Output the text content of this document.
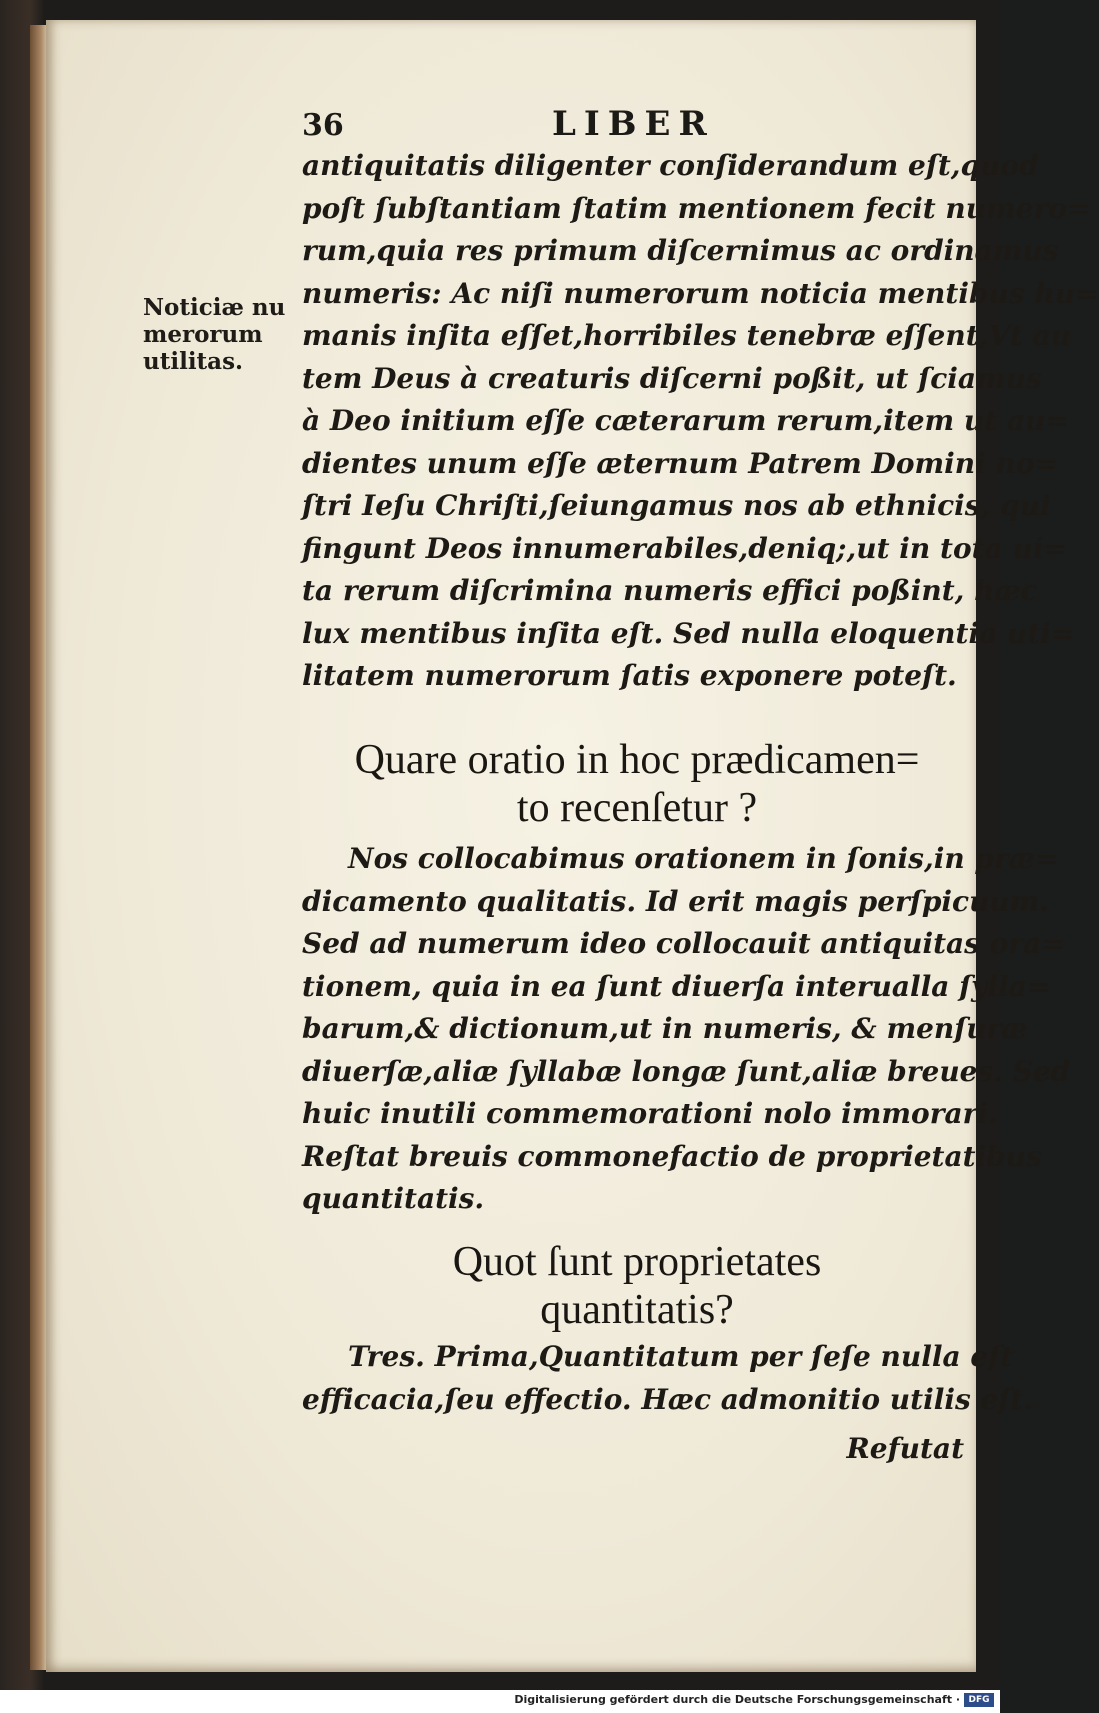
36	LIBER
Noticiæ nu
merorum
utilitas.
antiquitatis diligenter conſiderandum eſt,quod
poſt ſubſtantiam ſtatim mentionem fecit numero=
rum,quia res primum diſcernimus ac ordinamus
numeris: Ac niſi numerorum noticia mentibus hu=
manis inſita eſſet,horribiles tenebræ eſſent,Vt au
tem Deus à creaturis diſcerni poßit, ut ſciamus
à Deo initium eſſe cæterarum rerum,item ut au=
dientes unum eſſe æternum Patrem Domini no=
ſtri Ieſu Chriſti,ſeiungamus nos ab ethnicis, qui
fingunt Deos innumerabiles,deniq;,ut in tota ui=
ta rerum diſcrimina numeris effici poßint, hæc
lux mentibus inſita eſt. Sed nulla eloquentia uti=
litatem numerorum ſatis exponere poteſt.
Quare oratio in hoc prædicamen=
to recenſetur ?
Nos collocabimus orationem in ſonis,in præ=
dicamento qualitatis. Id erit magis perſpicuum.
Sed ad numerum ideo collocauit antiquitas ora=
tionem, quia in ea ſunt diuerſa interualla ſylla=
barum,& dictionum,ut in numeris, & menſuræ
diuerſæ,aliæ ſyllabæ longæ ſunt,aliæ breues. Sed
huic inutili commemorationi nolo immorari.
Reſtat breuis commonefactio de proprietatibus
quantitatis.
Quot ſunt proprietates
quantitatis?
Tres. Prima,Quantitatum per ſeſe nulla eſt
efficacia,ſeu effectio. Hæc admonitio utilis eſt.
Refutat
Digitalisierung gefördert durch die Deutsche Forschungsgemeinschaft · DFG
